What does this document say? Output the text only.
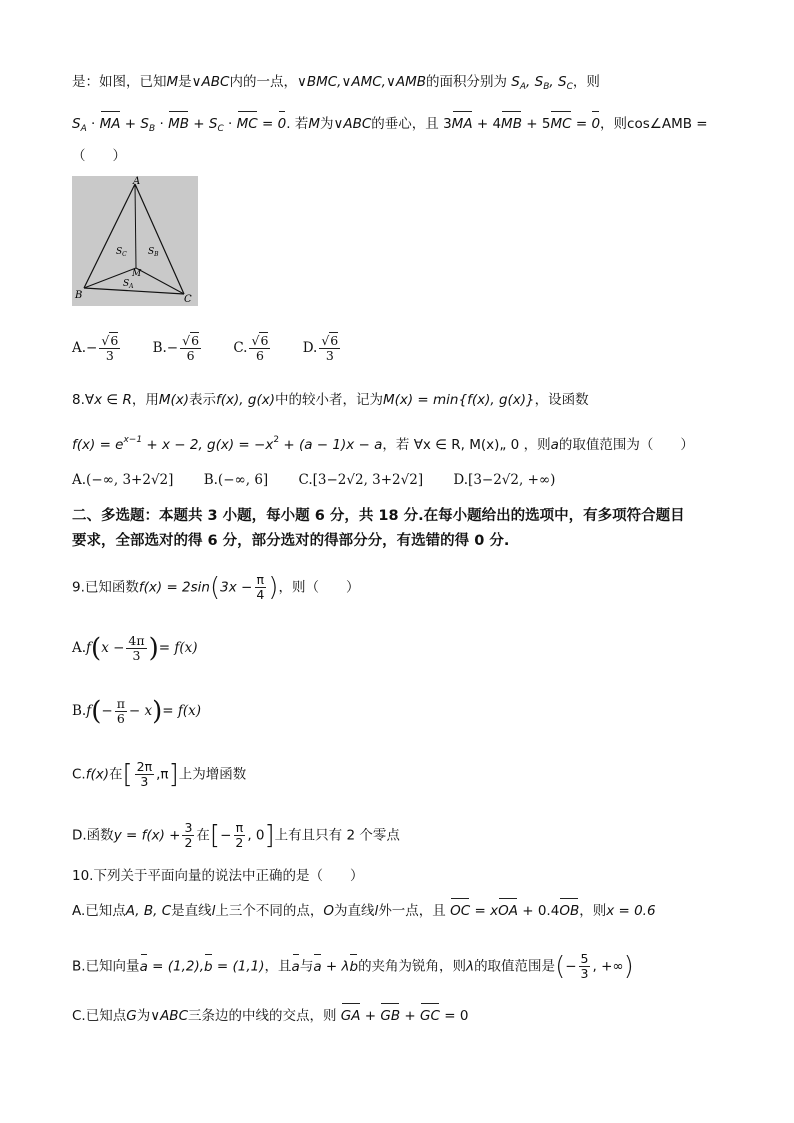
是：如图，已知M是∨ABC内的一点，∨BMC,∨AMC,∨AMB的面积分别为 $S_A$, $S_B$, $S_C$，则
$S_A$ · MA + $S_B$ · MB + $S_C$ · MC = 0. 若M为∨ABC的垂心，且 3MA + 4MB + 5MC = 0，则cos∠AMB =
（　　）
A
B	C
M
$S_C$ $S_B$
$S_A$
$A.- \frac{√6}{3} B.- \frac{√6}{6} C$. $\frac{√6}{6} D$. $\frac{√6}{3}$
8.∀x ∈ R，用M(x)表示f(x), g(x)中的较小者，记为M(x) = min{f(x), g(x)}，设函数
$f(x) = e^{x-1} + x - 2$, $g(x) = -x^2 + (a - 1)x - a$，若 ∀x ∈ R, M(x)„ 0 ，则a的取值范围为（　　）
A.(−∞, 3+2√2] B.(−∞, 6] C.[3−2√2, 3+2√2] D.[3−2√2, +∞)
二、多选题：本题共 3 小题，每小题 6 分，共 18 分.在每小题给出的选项中，有多项符合题目
要求，全部选对的得 6 分，部分选对的得部分分，有选错的得 0 分.
9.已知函数$f(x) = 2\sin(3x - \frac{\pi}{4}$ )，则（　　）
$A.f(x - \frac{4\pi}{3}$ )= f(x)
$B.f(- \frac{\pi}{6} - x)= f(x)$
C.f(x)在[ $\frac{2\pi}{3} ,\pi$]上为增函数
D.函数$y = f(x) + \frac{3}{2}$ 在[− $\frac{\pi}{2}$ , 0]上有且只有 2 个零点
10.下列关于平面向量的说法中正确的是（　　）
A.已知点A, B, C是直线l上三个不同的点，O为直线l外一点，且 OC = xOA + 0.4OB，则x = 0.6
B.已知向量a = (1,2),b = (1,1)，且a与a + λb的夹角为锐角，则λ的取值范围是(− $\frac{5}{3}$ , +∞)
C.已知点G为∨ABC三条边的中线的交点，则 GA + GB + GC = 0
